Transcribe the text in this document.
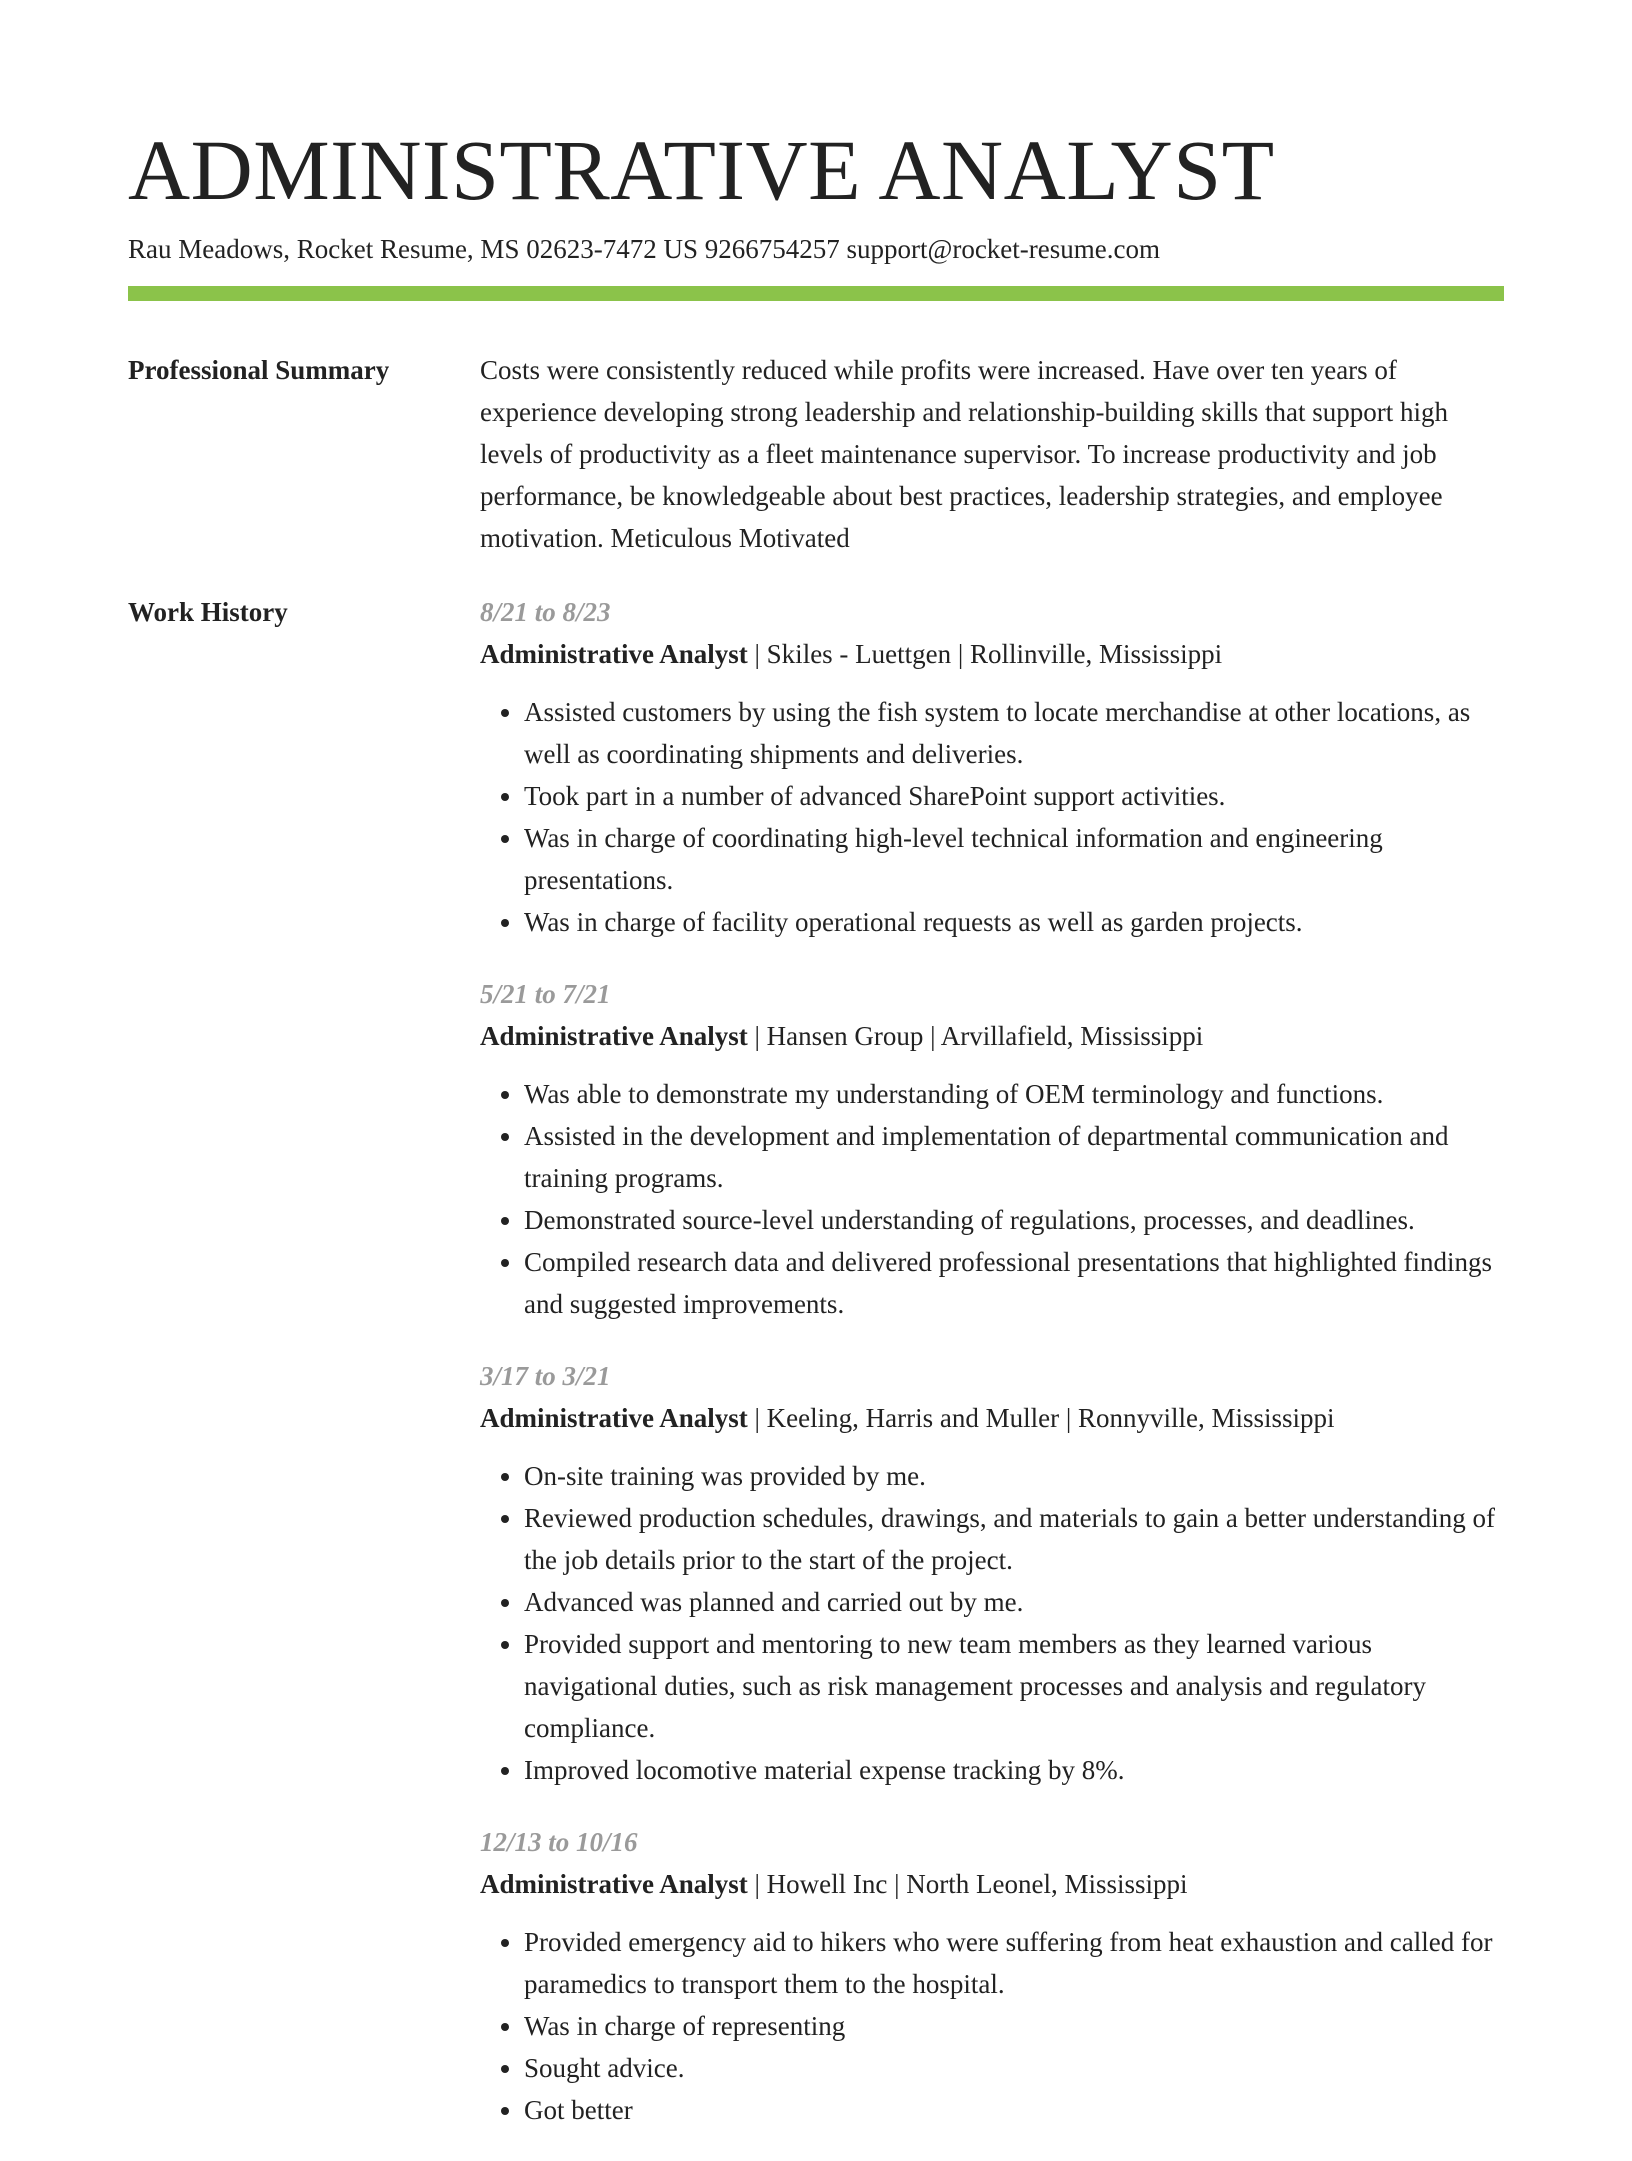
ADMINISTRATIVE ANALYST
Rau Meadows, Rocket Resume, MS 02623-7472 US 9266754257 support@rocket-resume.com
Professional Summary	Costs were consistently reduced while profits were increased. Have over ten years of experience developing strong leadership and relationship-building skills that support high levels of productivity as a fleet maintenance supervisor. To increase productivity and job performance, be knowledgeable about best practices, leadership strategies, and employee motivation. Meticulous Motivated

Work History	8/21 to 8/23
Administrative Analyst | Skiles - Luettgen | Rollinville, Mississippi
• Assisted customers by using the fish system to locate merchandise at other locations, as well as coordinating shipments and deliveries.
• Took part in a number of advanced SharePoint support activities.
• Was in charge of coordinating high-level technical information and engineering presentations.
• Was in charge of facility operational requests as well as garden projects.
5/21 to 7/21
Administrative Analyst | Hansen Group | Arvillafield, Mississippi
• Was able to demonstrate my understanding of OEM terminology and functions.
• Assisted in the development and implementation of departmental communication and training programs.
• Demonstrated source-level understanding of regulations, processes, and deadlines.
• Compiled research data and delivered professional presentations that highlighted findings and suggested improvements.
3/17 to 3/21
Administrative Analyst | Keeling, Harris and Muller | Ronnyville, Mississippi
• On-site training was provided by me.
• Reviewed production schedules, drawings, and materials to gain a better understanding of the job details prior to the start of the project.
• Advanced was planned and carried out by me.
• Provided support and mentoring to new team members as they learned various navigational duties, such as risk management processes and analysis and regulatory compliance.
• Improved locomotive material expense tracking by 8%.
12/13 to 10/16
Administrative Analyst | Howell Inc | North Leonel, Mississippi
• Provided emergency aid to hikers who were suffering from heat exhaustion and called for paramedics to transport them to the hospital.
• Was in charge of representing
• Sought advice.
• Got better
